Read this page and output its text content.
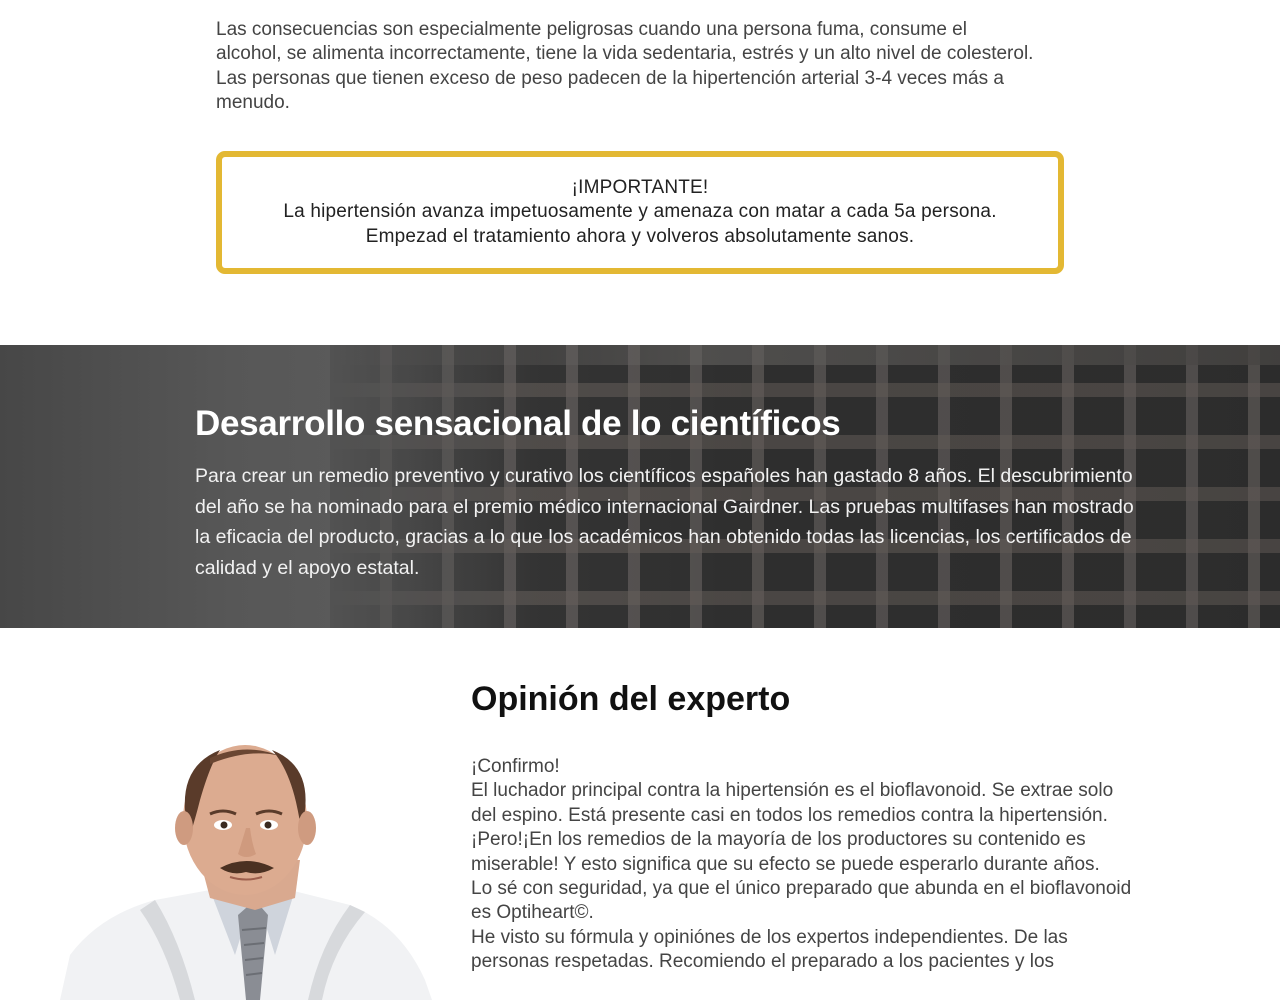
Las consecuencias son especialmente peligrosas cuando una persona fuma, consume el alcohol, se alimenta incorrectamente, tiene la vida sedentaria, estrés y un alto nivel de colesterol. Las personas que tienen exceso de peso padecen de la hipertención arterial 3-4 veces más a menudo.

¡IMPORTANTE!
La hipertensión avanza impetuosamente y amenaza con matar a cada 5a persona.
Empezad el tratamiento ahora y volveros absolutamente sanos.
Desarrollo sensacional de lo científicos

Para crear un remedio preventivo y curativo los científicos españoles han gastado 8 años. El descubrimiento del año se ha nominado para el premio médico internacional Gairdner. Las pruebas multifases han mostrado la eficacia del producto, gracias a lo que los académicos han obtenido todas las licencias, los certificados de calidad y el apoyo estatal.

Opinión del experto

¡Confirmo!

El luchador principal contra la hipertensión es el bioflavonoid. Se extrae solo del espino. Está presente casi en todos los remedios contra la hipertensión.

¡Pero!¡En los remedios de la mayoría de los productores su contenido es miserable! Y esto significa que su efecto se puede esperarlo durante años.

Lo sé con seguridad, ya que el único preparado que abunda en el bioflavonoid es Optiheart©.

He visto su fórmula y opiniónes de los expertos independientes. De las personas respetadas. Recomiendo el preparado a los pacientes y los
